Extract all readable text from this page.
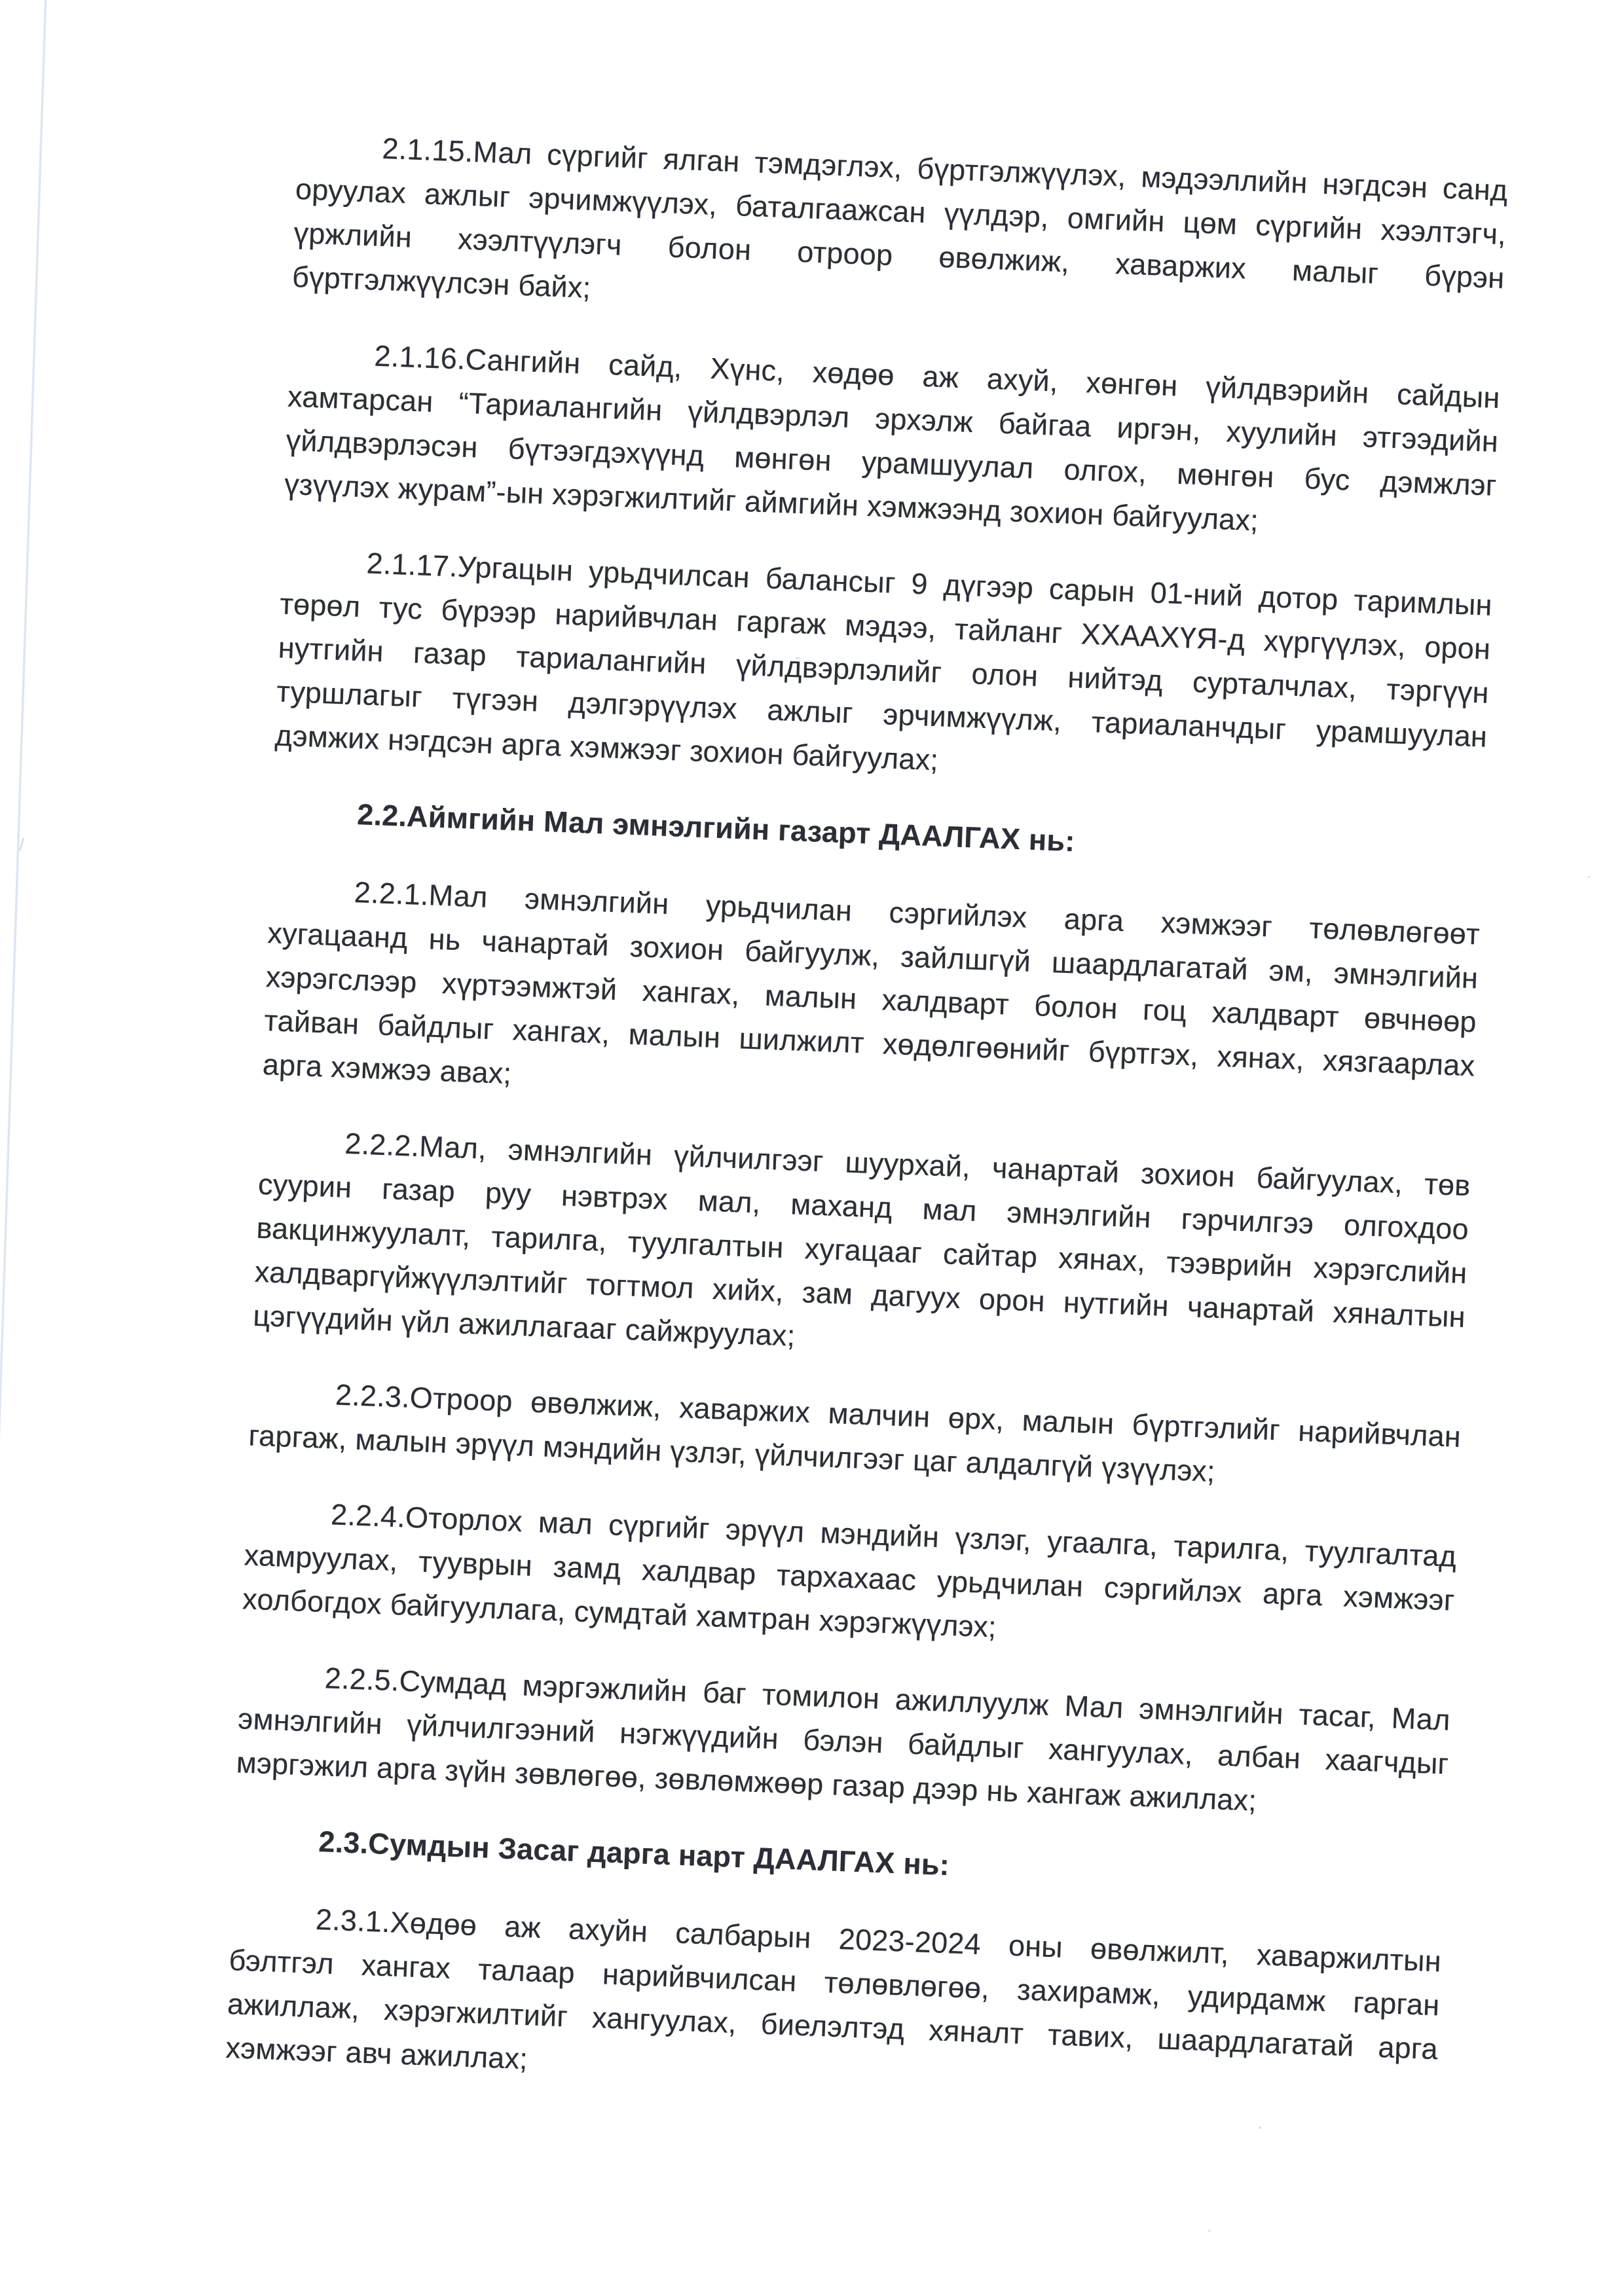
2.1.15.Мал сүргийг ялган тэмдэглэх, бүртгэлжүүлэх, мэдээллийн нэгдсэн санд
оруулах ажлыг эрчимжүүлэх, баталгаажсан үүлдэр, омгийн цөм сүргийн хээлтэгч,
үржлийн хээлтүүлэгч болон отроор өвөлжиж, хаваржих малыг бүрэн
бүртгэлжүүлсэн байх;
2.1.16.Сангийн сайд, Хүнс, хөдөө аж ахуй, хөнгөн үйлдвэрийн сайдын
хамтарсан “Тариалангийн үйлдвэрлэл эрхэлж байгаа иргэн, хуулийн этгээдийн
үйлдвэрлэсэн бүтээгдэхүүнд мөнгөн урамшуулал олгох, мөнгөн бус дэмжлэг
үзүүлэх журам”-ын хэрэгжилтийг аймгийн хэмжээнд зохион байгуулах;
2.1.17.Ургацын урьдчилсан балансыг 9 дүгээр сарын 01-ний дотор таримлын
төрөл тус бүрээр нарийвчлан гаргаж мэдээ, тайланг ХХААХҮЯ-д хүргүүлэх, орон
нутгийн газар тариалангийн үйлдвэрлэлийг олон нийтэд сурталчлах, тэргүүн
туршлагыг түгээн дэлгэрүүлэх ажлыг эрчимжүүлж, тариаланчдыг урамшуулан
дэмжих нэгдсэн арга хэмжээг зохион байгуулах;
2.2.Аймгийн Мал эмнэлгийн газарт ДААЛГАХ нь:
2.2.1.Мал эмнэлгийн урьдчилан сэргийлэх арга хэмжээг төлөвлөгөөт
хугацаанд нь чанартай зохион байгуулж, зайлшгүй шаардлагатай эм, эмнэлгийн
хэрэгслээр хүртээмжтэй хангах, малын халдварт болон гоц халдварт өвчнөөр
тайван байдлыг хангах, малын шилжилт хөдөлгөөнийг бүртгэх, хянах, хязгаарлах
арга хэмжээ авах;
2.2.2.Мал, эмнэлгийн үйлчилгээг шуурхай, чанартай зохион байгуулах, төв
суурин газар руу нэвтрэх мал, маханд мал эмнэлгийн гэрчилгээ олгохдоо
вакцинжуулалт, тарилга, туулгалтын хугацааг сайтар хянах, тээврийн хэрэгслийн
халдваргүйжүүлэлтийг тогтмол хийх, зам дагуух орон нутгийн чанартай хяналтын
цэгүүдийн үйл ажиллагааг сайжруулах;
2.2.3.Отроор өвөлжиж, хаваржих малчин өрх, малын бүртгэлийг нарийвчлан
гаргаж, малын эрүүл мэндийн үзлэг, үйлчилгээг цаг алдалгүй үзүүлэх;
2.2.4.Оторлох мал сүргийг эрүүл мэндийн үзлэг, угаалга, тарилга, туулгалтад
хамруулах, тууврын замд халдвар тархахаас урьдчилан сэргийлэх арга хэмжээг
холбогдох байгууллага, сумдтай хамтран хэрэгжүүлэх;
2.2.5.Сумдад мэргэжлийн баг томилон ажиллуулж Мал эмнэлгийн тасаг, Мал
эмнэлгийн үйлчилгээний нэгжүүдийн бэлэн байдлыг хангуулах, албан хаагчдыг
мэргэжил арга зүйн зөвлөгөө, зөвлөмжөөр газар дээр нь хангаж ажиллах;
2.3.Сумдын Засаг дарга нарт ДААЛГАХ нь:
2.3.1.Хөдөө аж ахуйн салбарын 2023-2024 оны өвөлжилт, хаваржилтын
бэлтгэл хангах талаар нарийвчилсан төлөвлөгөө, захирамж, удирдамж гарган
ажиллаж, хэрэгжилтийг хангуулах, биелэлтэд хяналт тавих, шаардлагатай арга
хэмжээг авч ажиллах;
